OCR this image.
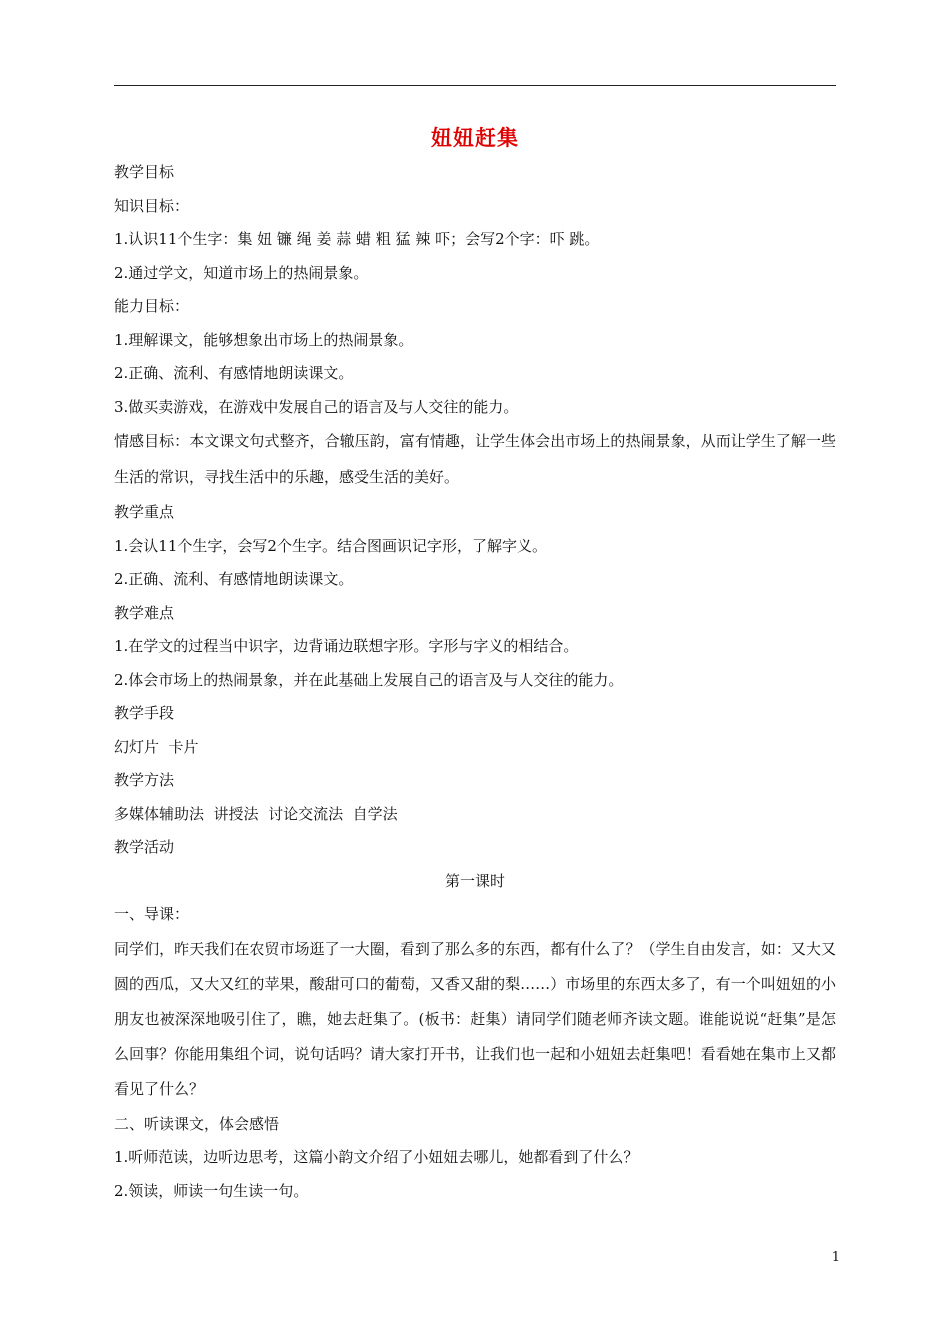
妞妞赶集
教学目标
知识目标：
1.认识11个生字：集 妞 镰 绳 姜 蒜 蜡 粗 猛 辣 吓；会写2个字：吓 跳。
2.通过学文，知道市场上的热闹景象。
能力目标：
1.理解课文，能够想象出市场上的热闹景象。
2.正确、流利、有感情地朗读课文。
3.做买卖游戏，在游戏中发展自己的语言及与人交往的能力。
情感目标：本文课文句式整齐，合辙压韵，富有情趣，让学生体会出市场上的热闹景象，从而让学生了解一些生活的常识，寻找生活中的乐趣，感受生活的美好。
教学重点
1.会认11个生字，会写2个生字。结合图画识记字形，了解字义。
2.正确、流利、有感情地朗读课文。
教学难点
1.在学文的过程当中识字，边背诵边联想字形。字形与字义的相结合。
2.体会市场上的热闹景象，并在此基础上发展自己的语言及与人交往的能力。
教学手段
幻灯片  卡片
教学方法
多媒体辅助法  讲授法  讨论交流法  自学法
教学活动
第一课时
一、导课：
同学们，昨天我们在农贸市场逛了一大圈，看到了那么多的东西，都有什么了？（学生自由发言，如：又大又圆的西瓜，又大又红的苹果，酸甜可口的葡萄，又香又甜的梨……）市场里的东西太多了，有一个叫妞妞的小朋友也被深深地吸引住了，瞧，她去赶集了。(板书：赶集）请同学们随老师齐读文题。谁能说说“赶集”是怎么回事？你能用集组个词，说句话吗？请大家打开书，让我们也一起和小妞妞去赶集吧！看看她在集市上又都看见了什么？
二、听读课文，体会感悟
1.听师范读，边听边思考，这篇小韵文介绍了小妞妞去哪儿，她都看到了什么？
2.领读，师读一句生读一句。
1
